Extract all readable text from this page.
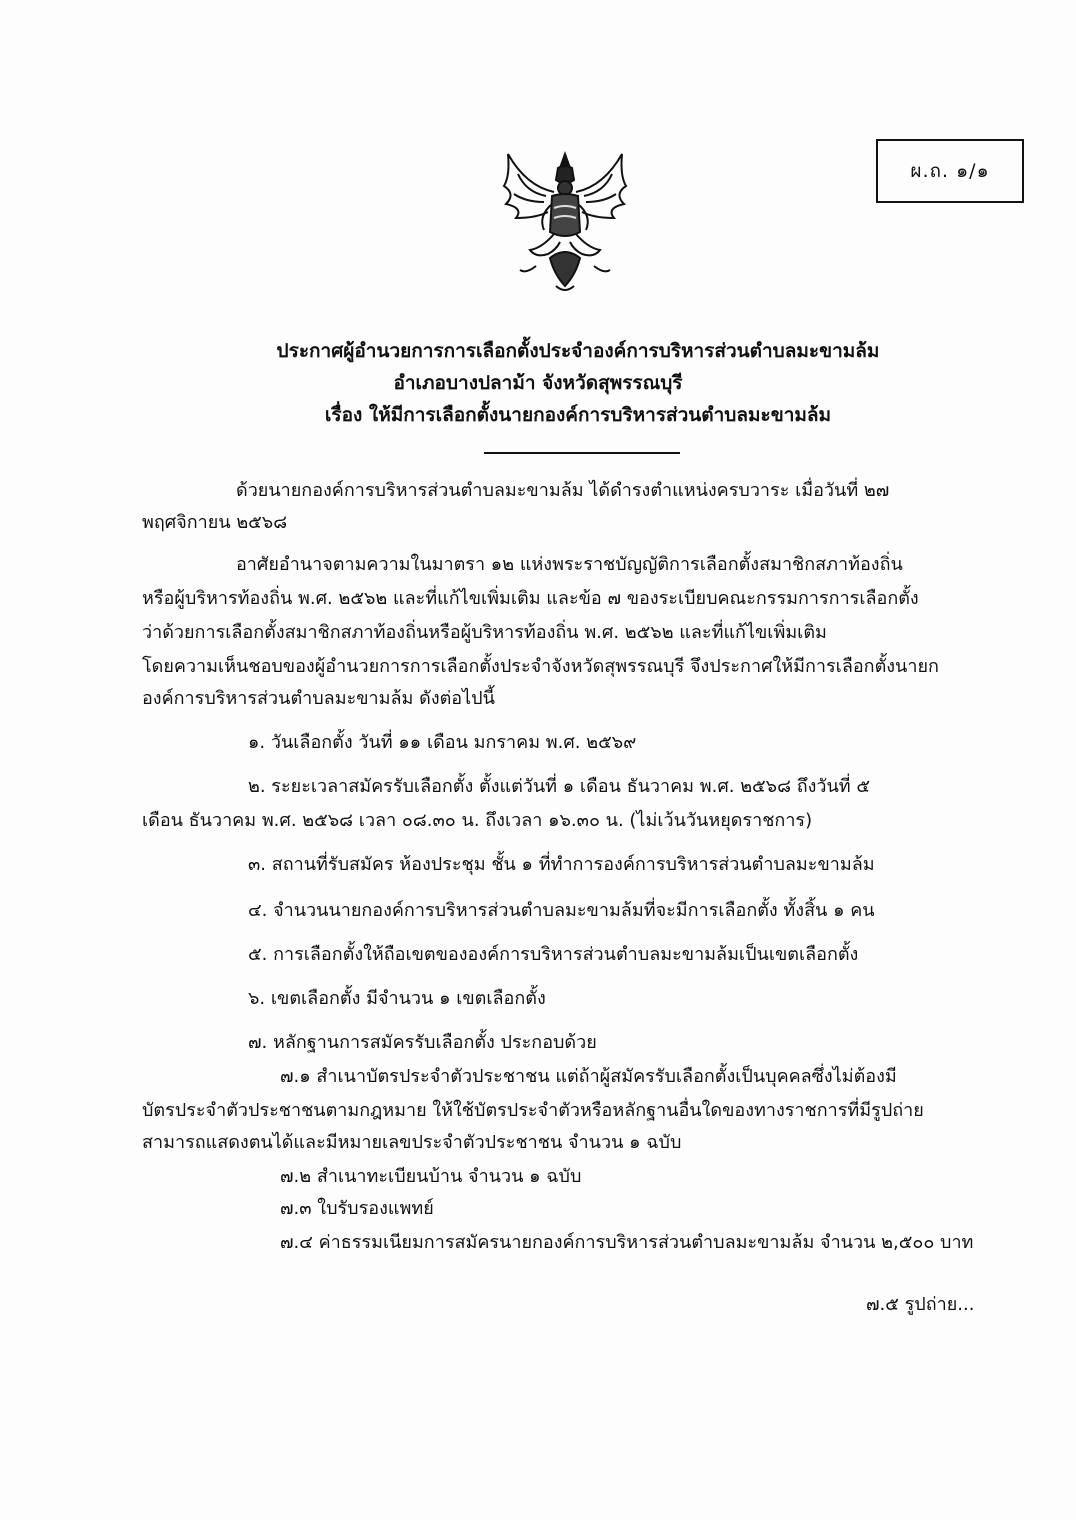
ผ.ถ. ๑/๑
ประกาศผู้อำนวยการการเลือกตั้งประจำองค์การบริหารส่วนตำบลมะขามล้ม
อำเภอบางปลาม้า จังหวัดสุพรรณบุรี
เรื่อง ให้มีการเลือกตั้งนายกองค์การบริหารส่วนตำบลมะขามล้ม
ด้วยนายกองค์การบริหารส่วนตำบลมะขามล้ม ได้ดำรงตำแหน่งครบวาระ เมื่อวันที่ ๒๗
พฤศจิกายน ๒๕๖๘
อาศัยอำนาจตามความในมาตรา ๑๒ แห่งพระราชบัญญัติการเลือกตั้งสมาชิกสภาท้องถิ่น
หรือผู้บริหารท้องถิ่น พ.ศ. ๒๕๖๒ และที่แก้ไขเพิ่มเติม และข้อ ๗ ของระเบียบคณะกรรมการการเลือกตั้ง
ว่าด้วยการเลือกตั้งสมาชิกสภาท้องถิ่นหรือผู้บริหารท้องถิ่น พ.ศ. ๒๕๖๒ และที่แก้ไขเพิ่มเติม
โดยความเห็นชอบของผู้อำนวยการการเลือกตั้งประจำจังหวัดสุพรรณบุรี จึงประกาศให้มีการเลือกตั้งนายก
องค์การบริหารส่วนตำบลมะขามล้ม ดังต่อไปนี้
๑. วันเลือกตั้ง วันที่ ๑๑ เดือน มกราคม พ.ศ. ๒๕๖๙
๒. ระยะเวลาสมัครรับเลือกตั้ง ตั้งแต่วันที่ ๑ เดือน ธันวาคม พ.ศ. ๒๕๖๘ ถึงวันที่ ๕
เดือน ธันวาคม พ.ศ. ๒๕๖๘ เวลา ๐๘.๓๐ น. ถึงเวลา ๑๖.๓๐ น. (ไม่เว้นวันหยุดราชการ)
๓. สถานที่รับสมัคร ห้องประชุม ชั้น ๑ ที่ทำการองค์การบริหารส่วนตำบลมะขามล้ม
๔. จำนวนนายกองค์การบริหารส่วนตำบลมะขามล้มที่จะมีการเลือกตั้ง ทั้งสิ้น ๑ คน
๕. การเลือกตั้งให้ถือเขตขององค์การบริหารส่วนตำบลมะขามล้มเป็นเขตเลือกตั้ง
๖. เขตเลือกตั้ง มีจำนวน ๑ เขตเลือกตั้ง
๗. หลักฐานการสมัครรับเลือกตั้ง ประกอบด้วย
๗.๑ สำเนาบัตรประจำตัวประชาชน แต่ถ้าผู้สมัครรับเลือกตั้งเป็นบุคคลซึ่งไม่ต้องมี
บัตรประจำตัวประชาชนตามกฎหมาย ให้ใช้บัตรประจำตัวหรือหลักฐานอื่นใดของทางราชการที่มีรูปถ่าย
สามารถแสดงตนได้และมีหมายเลขประจำตัวประชาชน จำนวน ๑ ฉบับ
๗.๒ สำเนาทะเบียนบ้าน จำนวน ๑ ฉบับ
๗.๓ ใบรับรองแพทย์
๗.๔ ค่าธรรมเนียมการสมัครนายกองค์การบริหารส่วนตำบลมะขามล้ม จำนวน ๒,๕๐๐ บาท
๗.๕ รูปถ่าย...
